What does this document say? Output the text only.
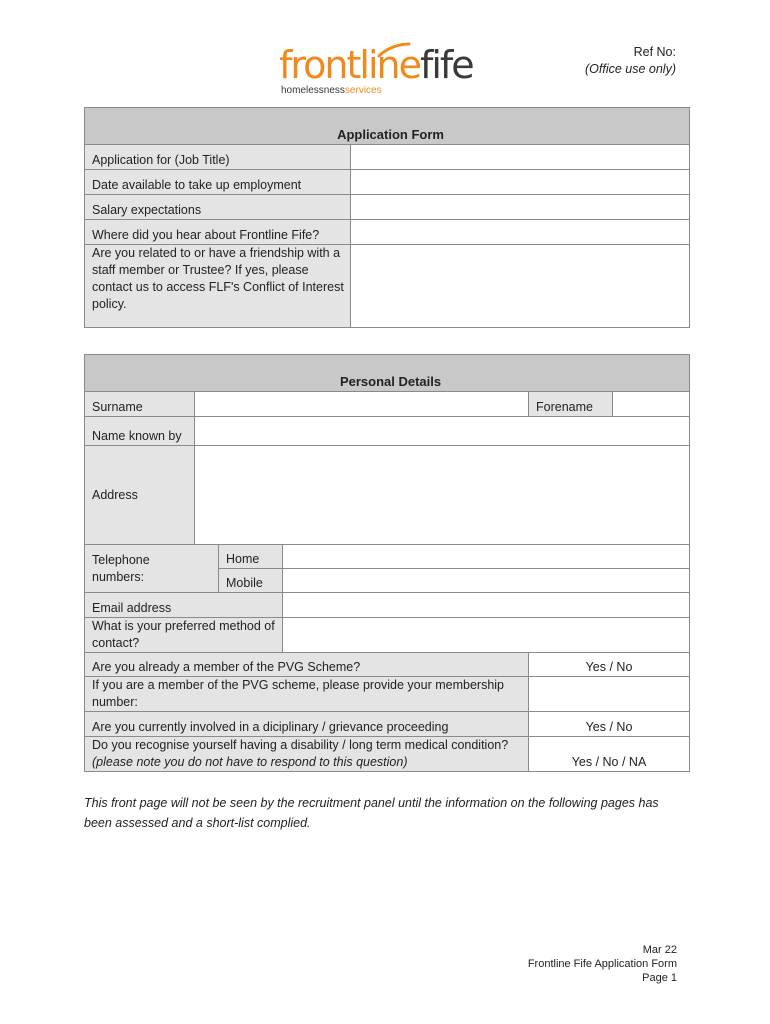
frontlinefife
homelessnessservices
Ref No:
(Office use only)
Application Form	
Application for (Job Title)	
Date available to take up employment	
Salary expectations	
Where did you hear about Frontline Fife?	
Are you related to or have a friendship with a staff member or Trustee? If yes, please contact us to access FLF's Conflict of Interest policy.	
Personal Details					
Surname				Forename	
Name known by					
Address					
Telephone numbers:		Home			
		Mobile			
Email address					
What is your preferred method of contact?					
Are you already a member of the PVG Scheme?				Yes / No	
If you are a member of the PVG scheme, please provide your membership number:					
Are you currently involved in a diciplinary / grievance proceeding				Yes / No	
Do you recognise yourself having a disability / long term medical condition? (please note you do not have to respond to this question)				Yes / No / NA	
This front page will not be seen by the recruitment panel until the information on the following pages has been assessed and a short-list complied.
Mar 22
Frontline Fife Application Form
Page 1
